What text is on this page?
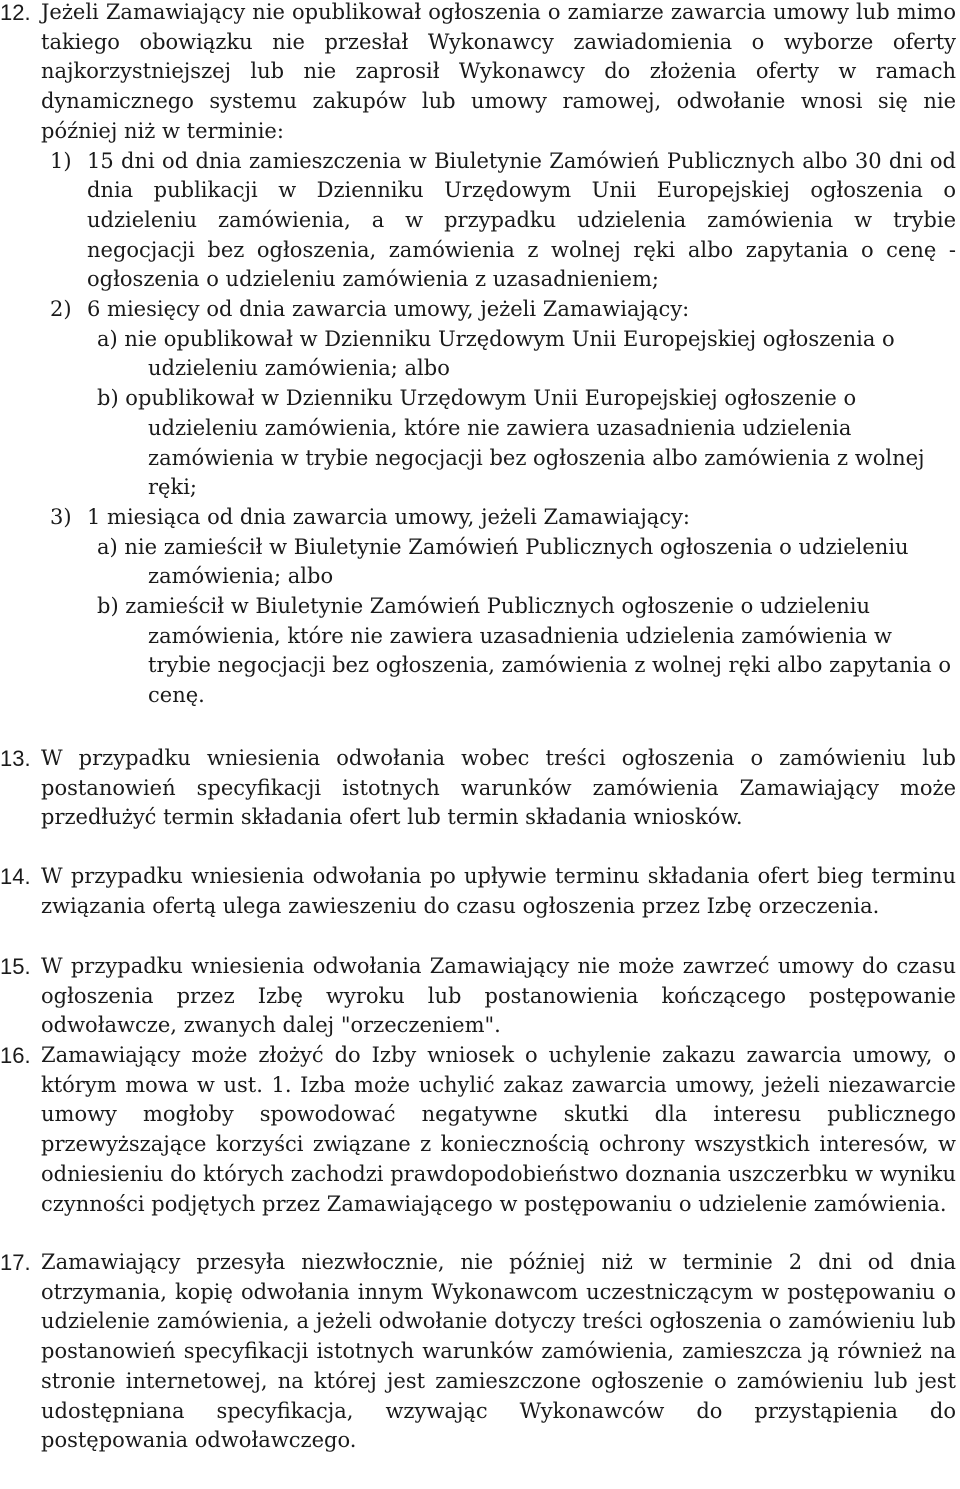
12. Jeżeli Zamawiający nie opublikował ogłoszenia o zamiarze zawarcia umowy lub mimo takiego obowiązku nie przesłał Wykonawcy zawiadomienia o wyborze oferty najkorzystniejszej lub nie zaprosił Wykonawcy do złożenia oferty w ramach dynamicznego systemu zakupów lub umowy ramowej, odwołanie wnosi się nie później niż w terminie:
1) 15 dni od dnia zamieszczenia w Biuletynie Zamówień Publicznych albo 30 dni od dnia publikacji w Dzienniku Urzędowym Unii Europejskiej ogłoszenia o udzieleniu zamówienia, a w przypadku udzielenia zamówienia w trybie negocjacji bez ogłoszenia, zamówienia z wolnej ręki albo zapytania o cenę - ogłoszenia o udzieleniu zamówienia z uzasadnieniem;
2) 6 miesięcy od dnia zawarcia umowy, jeżeli Zamawiający:
a) nie opublikował w Dzienniku Urzędowym Unii Europejskiej ogłoszenia o udzieleniu zamówienia; albo
b) opublikował w Dzienniku Urzędowym Unii Europejskiej ogłoszenie o udzieleniu zamówienia, które nie zawiera uzasadnienia udzielenia zamówienia w trybie negocjacji bez ogłoszenia albo zamówienia z wolnej ręki;
3) 1 miesiąca od dnia zawarcia umowy, jeżeli Zamawiający:
a) nie zamieścił w Biuletynie Zamówień Publicznych ogłoszenia o udzieleniu zamówienia; albo
b) zamieścił w Biuletynie Zamówień Publicznych ogłoszenie o udzieleniu zamówienia, które nie zawiera uzasadnienia udzielenia zamówienia w trybie negocjacji bez ogłoszenia, zamówienia z wolnej ręki albo zapytania o cenę.
13. W przypadku wniesienia odwołania wobec treści ogłoszenia o zamówieniu lub postanowień specyfikacji istotnych warunków zamówienia Zamawiający może przedłużyć termin składania ofert lub termin składania wniosków.
14. W przypadku wniesienia odwołania po upływie terminu składania ofert bieg terminu związania ofertą ulega zawieszeniu do czasu ogłoszenia przez Izbę orzeczenia.
15. W przypadku wniesienia odwołania Zamawiający nie może zawrzeć umowy do czasu ogłoszenia przez Izbę wyroku lub postanowienia kończącego postępowanie odwoławcze, zwanych dalej "orzeczeniem".
16. Zamawiający może złożyć do Izby wniosek o uchylenie zakazu zawarcia umowy, o którym mowa w ust. 1. Izba może uchylić zakaz zawarcia umowy, jeżeli niezawarcie umowy mogłoby spowodować negatywne skutki dla interesu publicznego przewyższające korzyści związane z koniecznością ochrony wszystkich interesów, w odniesieniu do których zachodzi prawdopodobieństwo doznania uszczerbku w wyniku czynności podjętych przez Zamawiającego w postępowaniu o udzielenie zamówienia.
17. Zamawiający przesyła niezwłocznie, nie później niż w terminie 2 dni od dnia otrzymania, kopię odwołania innym Wykonawcom uczestniczącym w postępowaniu o udzielenie zamówienia, a jeżeli odwołanie dotyczy treści ogłoszenia o zamówieniu lub postanowień specyfikacji istotnych warunków zamówienia, zamieszcza ją również na stronie internetowej, na której jest zamieszczone ogłoszenie o zamówieniu lub jest udostępniana specyfikacja, wzywając Wykonawców do przystąpienia do postępowania odwoławczego.
